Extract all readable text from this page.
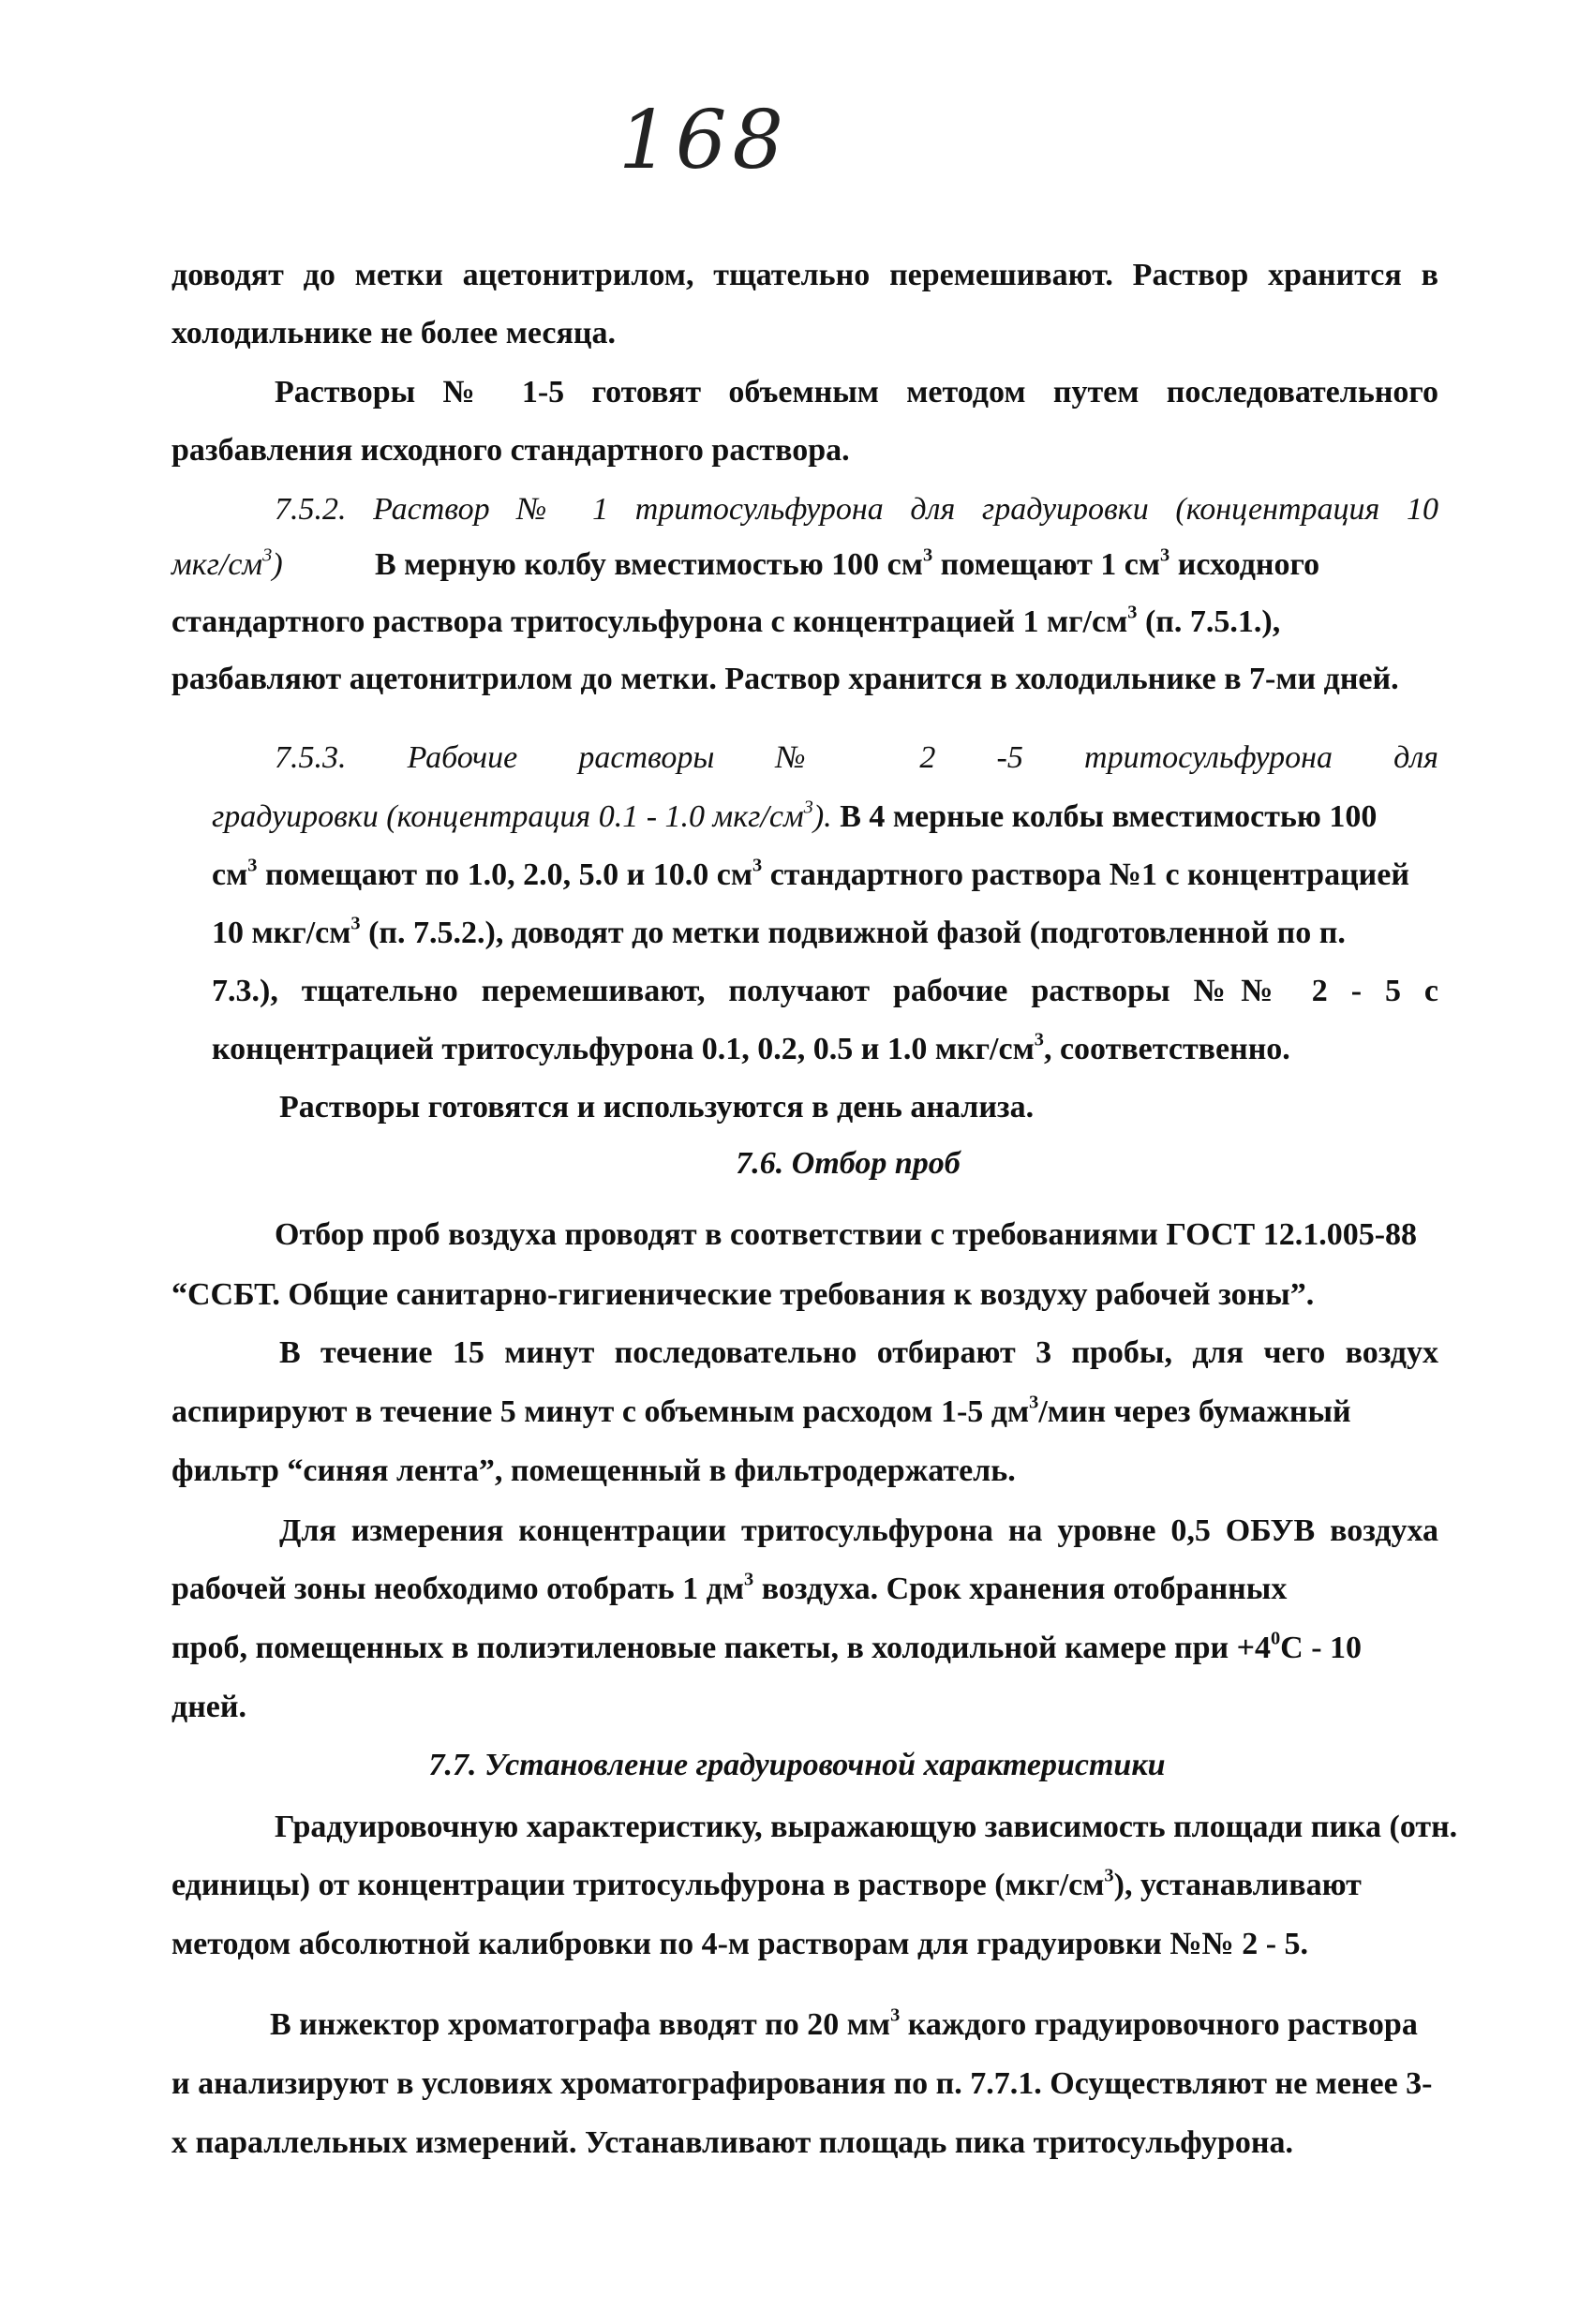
168
доводят до метки ацетонитрилом, тщательно перемешивают. Раствор хранится в
холодильнике не более месяца.
Растворы № 1-5 готовят объемным методом путем последовательного
разбавления исходного стандартного раствора.
7.5.2. Раствор № 1 тритосульфурона для градуировки (концентрация 10
мкг/$см^3$)	В мерную колбу вместимостью 100 $см^3$ помещают 1 $см^3$ исходного
стандартного раствора тритосульфурона с концентрацией 1 $мг/см^3$ (п. 7.5.1.),
разбавляют ацетонитрилом до метки. Раствор хранится в холодильнике в 7-ми дней.
7.5.3. Рабочие растворы № 2 -5 тритосульфурона для
градуировки (концентрация 0.1 - 1.0 мкг/$см^3$). В 4 мерные колбы вместимостью 100
$см^3$ помещают по 1.0, 2.0, 5.0 и 10.0 $см^3$ стандартного раствора №1 с концентрацией
10 мкг/$см^3$ (п. 7.5.2.), доводят до метки подвижной фазой (подготовленной по п.
7.3.), тщательно перемешивают, получают рабочие растворы №№ 2 - 5 с
концентрацией тритосульфурона 0.1, 0.2, 0.5 и 1.0 мкг/$см^3$, соответственно.
Растворы готовятся и используются в день анализа.
7.6. Отбор проб
Отбор проб воздуха проводят в соответствии с требованиями ГОСТ 12.1.005-88
“ССБТ. Общие санитарно-гигиенические требования к воздуху рабочей зоны”.
В течение 15 минут последовательно отбирают 3 пробы, для чего воздух
аспирируют в течение 5 минут с объемным расходом 1-5 $дм^3$/мин через бумажный
фильтр “синяя лента”, помещенный в фильтродержатель.
Для измерения концентрации тритосульфурона на уровне 0,5 ОБУВ воздуха
рабочей зоны необходимо отобрать 1 $дм^3$ воздуха. Срок хранения отобранных
проб, помещенных в полиэтиленовые пакеты, в холодильной камере при $+4^0С - 10$
дней.
7.7. Установление градуировочной характеристики
Градуировочную характеристику, выражающую зависимость площади пика (отн.
единицы) от концентрации тритосульфурона в растворе $(мкг/см^3)$, устанавливают
методом абсолютной калибровки по 4-м растворам для градуировки №№ 2 - 5.
В инжектор хроматографа вводят по 20 $мм^3$ каждого градуировочного раствора
и анализируют в условиях хроматографирования по п. 7.7.1. Осуществляют не менее 3-
х параллельных измерений. Устанавливают площадь пика тритосульфурона.
